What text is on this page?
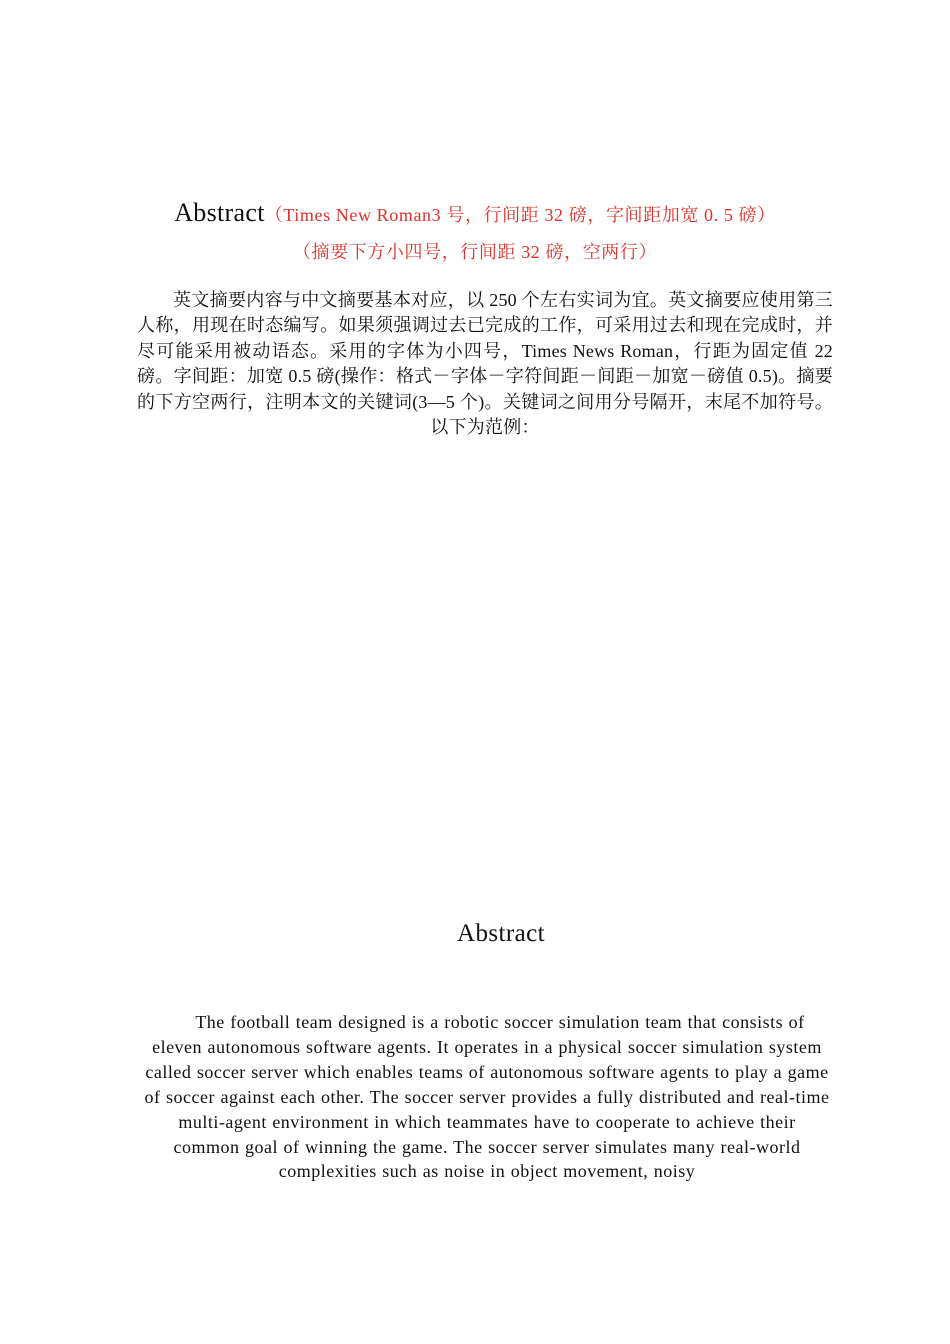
Abstract（Times New Roman3 号，行间距 32 磅，字间距加宽 0. 5 磅）
（摘要下方小四号，行间距 32 磅，空两行）

英文摘要内容与中文摘要基本对应，以 250 个左右实词为宜。英文摘要应使用第三人称，用现在时态编写。如果须强调过去已完成的工作，可采用过去和现在完成时，并尽可能采用被动语态。采用的字体为小四号，Times News Roman，行距为固定值 22 磅。字间距：加宽 0.5 磅(操作：格式－字体－字符间距－间距－加宽－磅值 0.5)。摘要的下方空两行，注明本文的关键词(3—5 个)。关键词之间用分号隔开，末尾不加符号。以下为范例：

Abstract

The football team designed is a robotic soccer simulation team that consists of eleven autonomous software agents. It operates in a physical soccer simulation system called soccer server which enables teams of autonomous software agents to play a game of soccer against each other. The soccer server provides a fully distributed and real-time multi-agent environment in which teammates have to cooperate to achieve their common goal of winning the game. The soccer server simulates many real-world complexities such as noise in object movement, noisy
